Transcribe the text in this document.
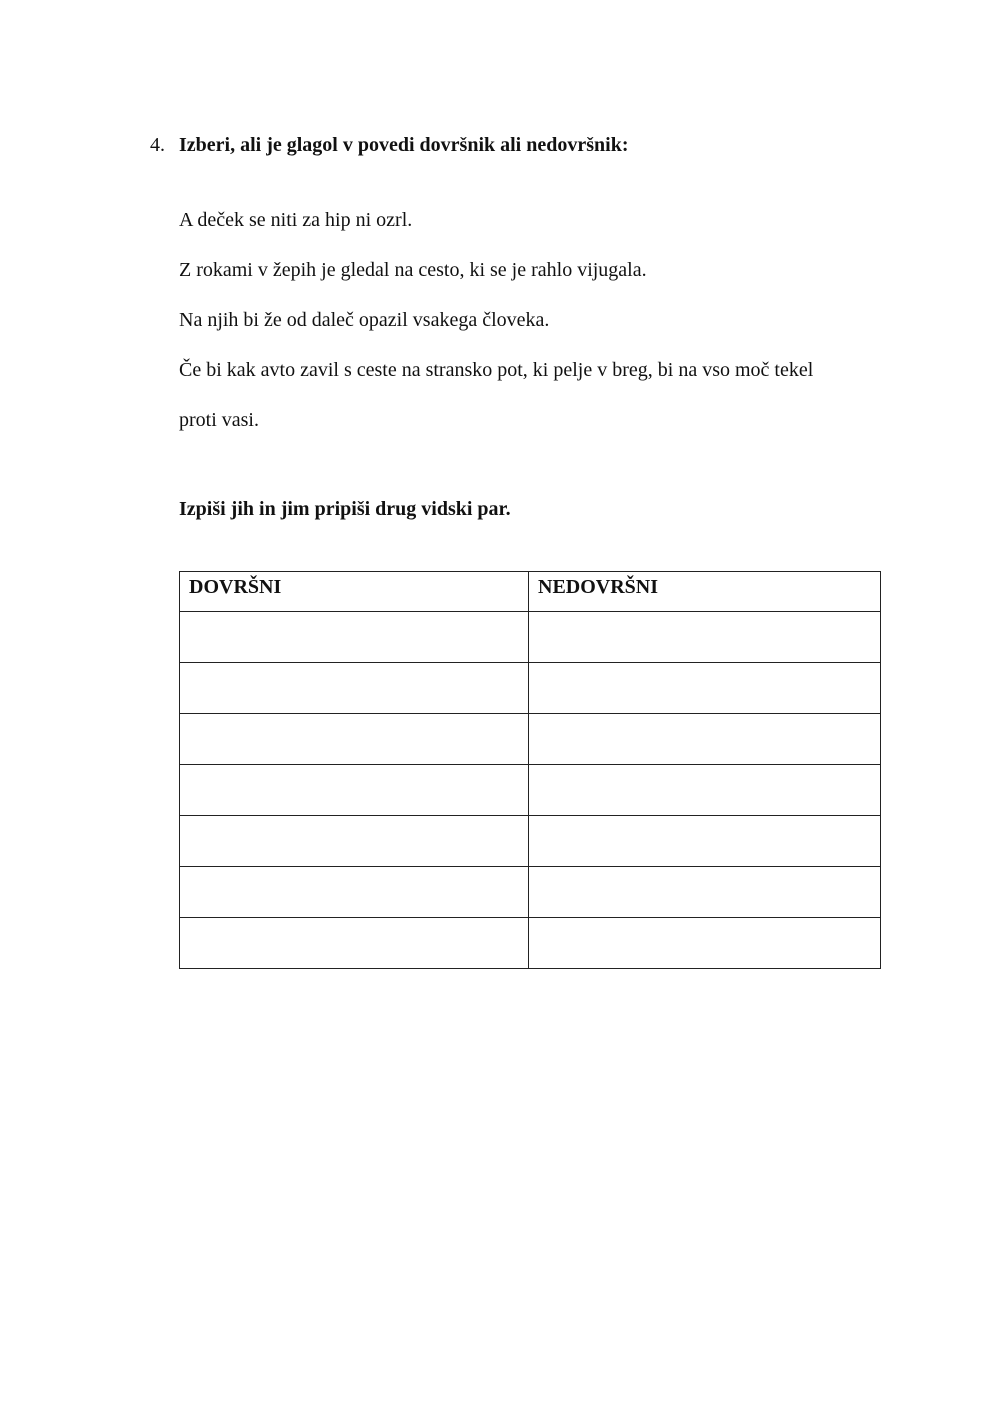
4. Izberi, ali je glagol v povedi dovršnik ali nedovršnik:
A deček se niti za hip ni ozrl.
Z rokami v žepih je gledal na cesto, ki se je rahlo vijugala.
Na njih bi že od daleč opazil vsakega človeka.
Če bi kak avto zavil s ceste na stransko pot, ki pelje v breg, bi na vso moč tekel
proti vasi.
Izpiši jih in jim pripiši drug vidski par.
DOVRŠNI	NEDOVRŠNI
